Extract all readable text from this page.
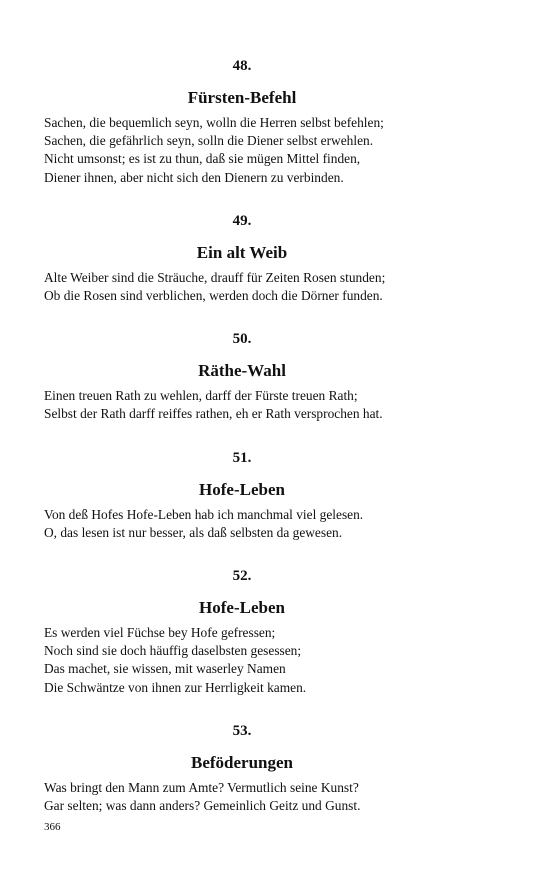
48.
Fürsten-Befehl
Sachen, die bequemlich seyn, wolln die Herren selbst befehlen;
Sachen, die gefährlich seyn, solln die Diener selbst erwehlen.
Nicht umsonst; es ist zu thun, daß sie mügen Mittel finden,
Diener ihnen, aber nicht sich den Dienern zu verbinden.
49.
Ein alt Weib
Alte Weiber sind die Sträuche, drauff für Zeiten Rosen stunden;
Ob die Rosen sind verblichen, werden doch die Dörner funden.
50.
Räthe-Wahl
Einen treuen Rath zu wehlen, darff der Fürste treuen Rath;
Selbst der Rath darff reiffes rathen, eh er Rath versprochen hat.
51.
Hofe-Leben
Von deß Hofes Hofe-Leben hab ich manchmal viel gelesen.
O, das lesen ist nur besser, als daß selbsten da gewesen.
52.
Hofe-Leben
Es werden viel Füchse bey Hofe gefressen;
Noch sind sie doch häuffig daselbsten gesessen;
Das machet, sie wissen, mit waserley Namen
Die Schwäntze von ihnen zur Herrligkeit kamen.
53.
Beföderungen
Was bringt den Mann zum Amte? Vermutlich seine Kunst?
Gar selten; was dann anders? Gemeinlich Geitz und Gunst.
366
